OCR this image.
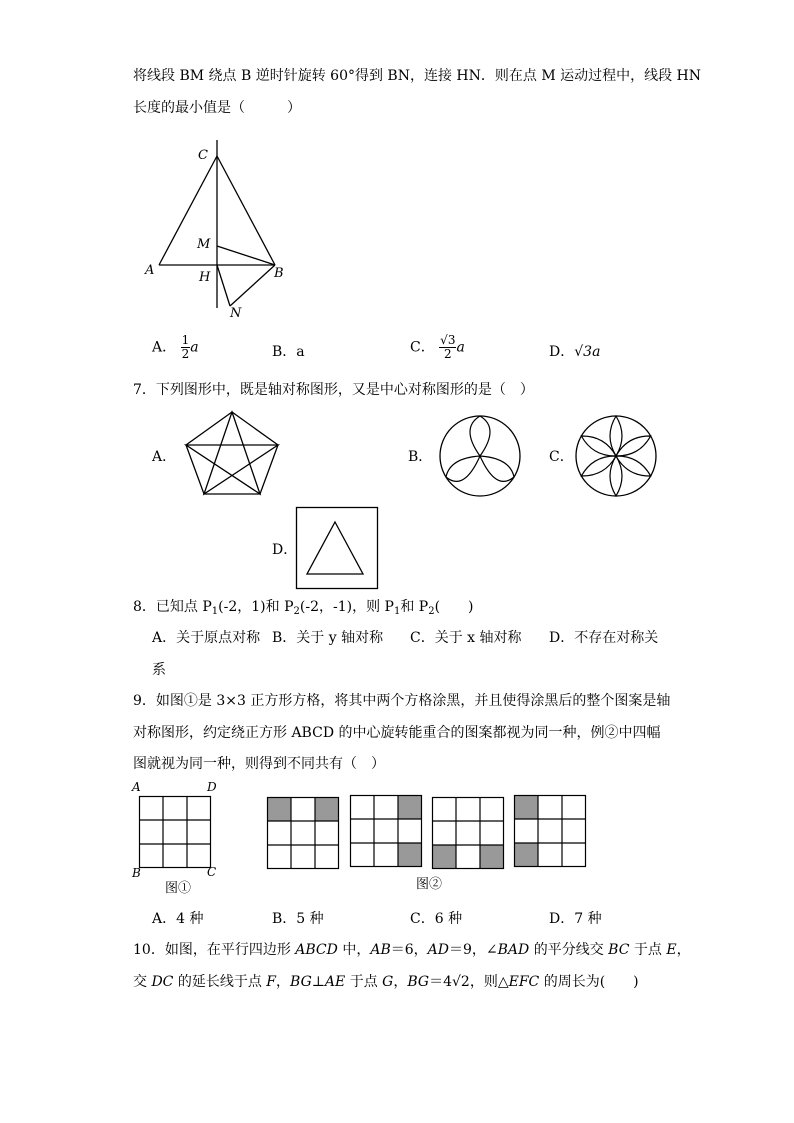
将线段 BM 绕点 B 逆时针旋转 60°得到 BN，连接 HN．则在点 M 运动过程中，线段 HN
长度的最小值是（　　　）
C
M
A	H	B
N
A． $\frac{1}{2}$ a	B．a	C． $\frac{√3}{2}$ a	D．√3a
7．下列图形中，既是轴对称图形，又是中心对称图形的是（　）
A．	B．	C．
D．
8．已知点 $P_1(-2$，1)和 $P_2(-2$，-1)，则 $P_1$和 $P_2$(　　)
A．关于原点对称 B．关于 y 轴对称 C．关于 x 轴对称 D．不存在对称关
系
9．如图①是 3×3 正方形方格，将其中两个方格涂黑，并且使得涂黑后的整个图案是轴
对称图形，约定绕正方形 ABCD 的中心旋转能重合的图案都视为同一种，例②中四幅
图就视为同一种，则得到不同共有（　）
A	D
B	C
图①	图②
A．4 种	B．5 种	C．6 种	D．7 种
10．如图，在平行四边形 ABCD 中，AB＝6，AD＝9，∠BAD 的平分线交 BC 于点 E，
交 DC 的延长线于点 F，BG⊥AE 于点 G，BG＝4√2，则△EFC 的周长为(　　)
